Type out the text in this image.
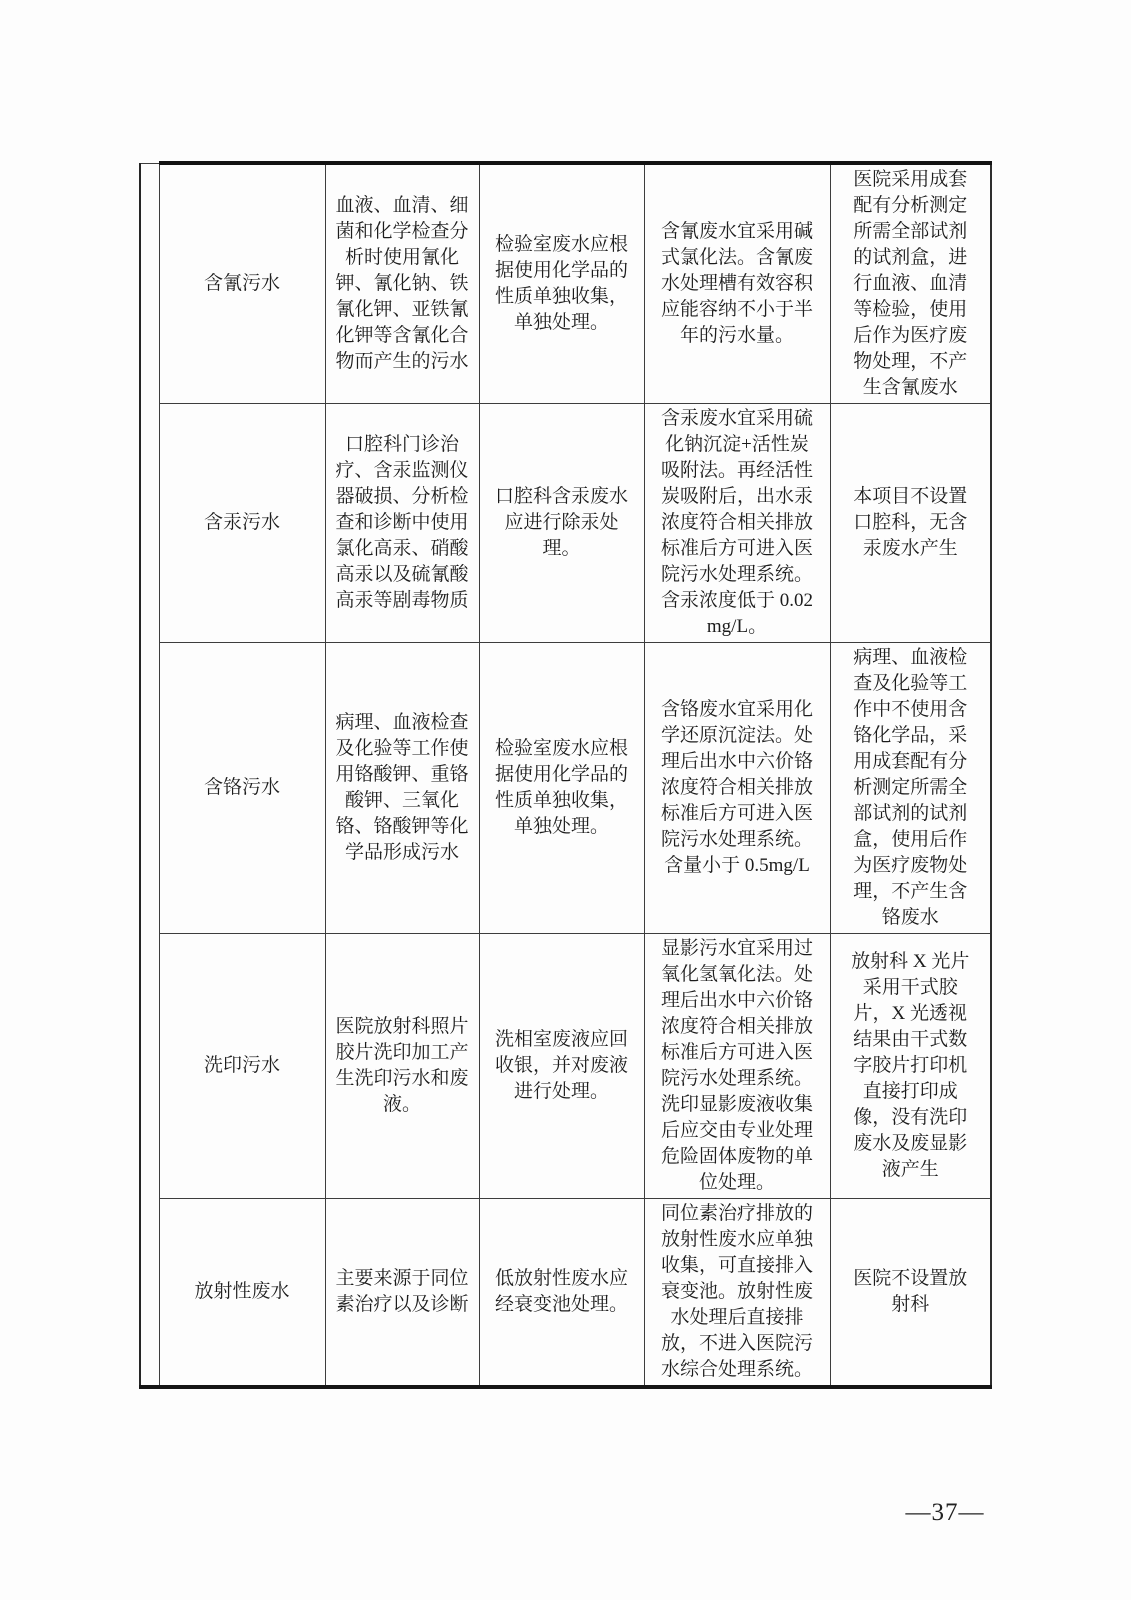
	含氰污水	血液、血清、细菌和化学检查分析时使用氰化钾、氰化钠、铁氰化钾、亚铁氰化钾等含氰化合物而产生的污水	检验室废水应根据使用化学品的性质单独收集，单独处理。	含氰废水宜采用碱式氯化法。含氰废水处理槽有效容积应能容纳不小于半年的污水量。	医院采用成套配有分析测定所需全部试剂的试剂盒，进行血液、血清等检验，使用后作为医疗废物处理，不产生含氰废水
	含汞污水	口腔科门诊治疗、含汞监测仪器破损、分析检查和诊断中使用氯化高汞、硝酸高汞以及硫氰酸高汞等剧毒物质	口腔科含汞废水应进行除汞处理。	含汞废水宜采用硫化钠沉淀+活性炭吸附法。再经活性炭吸附后，出水汞浓度符合相关排放标准后方可进入医院污水处理系统。含汞浓度低于 0.02mg/L。	本项目不设置口腔科，无含汞废水产生
	含铬污水	病理、血液检查及化验等工作使用铬酸钾、重铬酸钾、三氧化铬、铬酸钾等化学品形成污水	检验室废水应根据使用化学品的性质单独收集，单独处理。	含铬废水宜采用化学还原沉淀法。处理后出水中六价铬浓度符合相关排放标准后方可进入医院污水处理系统。含量小于 0.5mg/L	病理、血液检查及化验等工作中不使用含铬化学品，采用成套配有分析测定所需全部试剂的试剂盒，使用后作为医疗废物处理，不产生含铬废水
	洗印污水	医院放射科照片胶片洗印加工产生洗印污水和废液。	洗相室废液应回收银，并对废液进行处理。	显影污水宜采用过氧化氢氧化法。处理后出水中六价铬浓度符合相关排放标准后方可进入医院污水处理系统。洗印显影废液收集后应交由专业处理危险固体废物的单位处理。	放射科 X 光片采用干式胶片，X 光透视结果由干式数字胶片打印机直接打印成像，没有洗印废水及废显影液产生
	放射性废水	主要来源于同位素治疗以及诊断	低放射性废水应经衰变池处理。	同位素治疗排放的放射性废水应单独收集，可直接排入衰变池。放射性废水处理后直接排放，不进入医院污水综合处理系统。	医院不设置放射科
—37—
